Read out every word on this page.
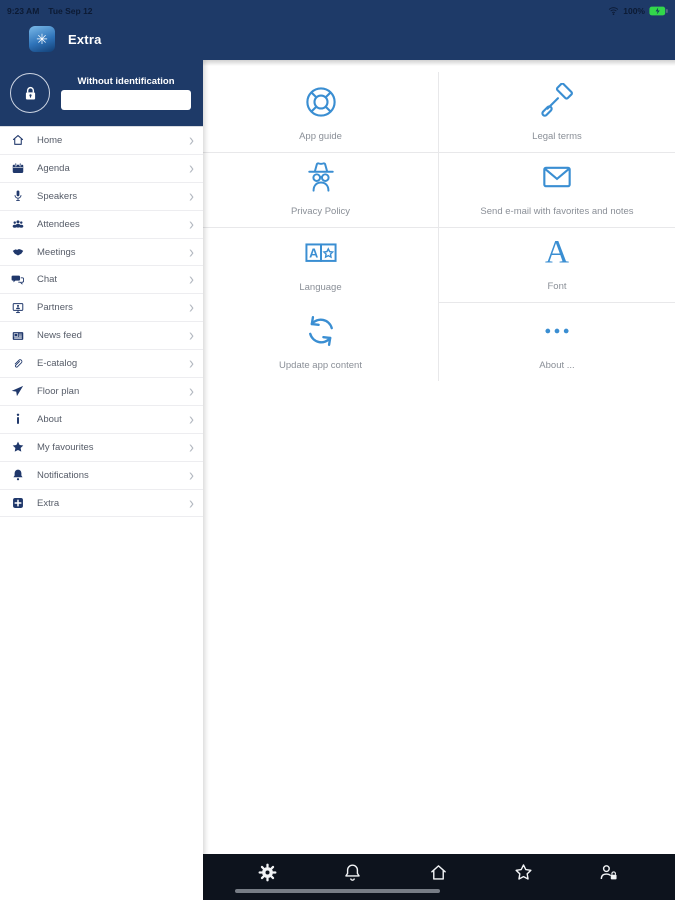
9:23 AM Tue Sep 12	100%
✳	Extra
Without identification
Home	›
Agenda	›
Speakers	›
Attendees	›
Meetings	›
Chat	›
Partners	›
News feed	›
E-catalog	›
Floor plan	›
About	›
My favourites	›
Notifications	›
Extra	›
App guide	Legal terms
Privacy Policy	Send e-mail with favorites and notes
Language	Font
Update app content	About ...
